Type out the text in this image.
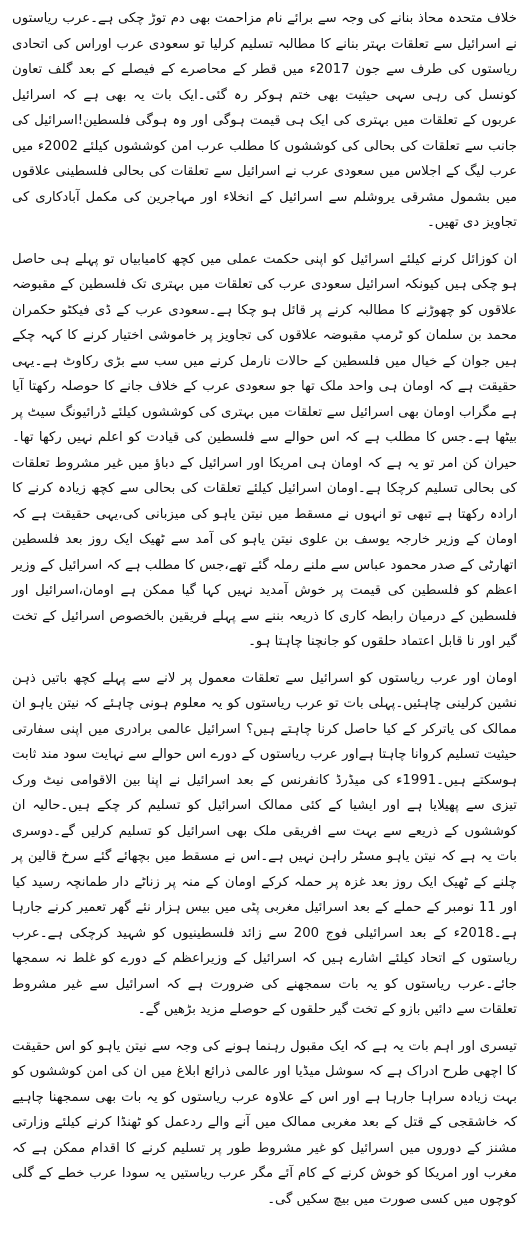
خلاف متحدہ محاذ بنانے کی وجہ سے برائے نام مزاحمت بھی دم توڑ چکی ہے۔عرب ریاستوں نے اسرائیل سے تعلقات بہتر بنانے کا مطالبہ تسلیم کرلیا تو سعودی عرب اوراس کی اتحادی ریاستوں کی طرف سے جون 2017ء میں قطر کے محاصرے کے فیصلے کے بعد گلف تعاون کونسل کی رہی سہی حیثیت بھی ختم ہوکر رہ گئی۔ایک بات یہ بھی ہے کہ اسرائیل عربوں کے تعلقات میں بہتری کی ایک ہی قیمت ہوگی اور وہ ہوگی فلسطین!اسرائیل کی جانب سے تعلقات کی بحالی کی کوششوں کا مطلب عرب امن کوششوں کیلئے 2002ء میں عرب لیگ کے اجلاس میں سعودی عرب نے اسرائیل سے تعلقات کی بحالی فلسطینی علاقوں میں بشمول مشرقی یروشلم سے اسرائیل کے انخلاء اور مہاجرین کی مکمل آبادکاری کی تجاویز دی تھیں۔

ان کوزائل کرنے کیلئے اسرائیل کو اپنی حکمت عملی میں کچھ کامیابیاں تو پہلے ہی حاصل ہو چکی ہیں کیونکہ اسرائیل سعودی عرب کی تعلقات میں بہتری تک فلسطین کے مقبوضہ علاقوں کو چھوڑنے کا مطالبہ کرنے پر قائل ہو چکا ہے۔سعودی عرب کے ڈی فیکٹو حکمران محمد بن سلمان کو ٹرمپ مقبوضہ علاقوں کی تجاویز پر خاموشی اختیار کرنے کا کہہ چکے ہیں جوان کے خیال میں فلسطین کے حالات نارمل کرنے میں سب سے بڑی رکاوٹ ہے۔یہی حقیقت ہے کہ اومان ہی واحد ملک تھا جو سعودی عرب کے خلاف جانے کا حوصلہ رکھتا آیا ہے مگراب اومان بھی اسرائیل سے تعلقات میں بہتری کی کوششوں کیلئے ڈرائیونگ سیٹ پر بیٹھا ہے۔جس کا مطلب ہے کہ اس حوالے سے فلسطین کی قیادت کو اعلم نہیں رکھا تھا۔حیران کن امر تو یہ ہے کہ اومان ہی امریکا اور اسرائیل کے دباؤ میں غیر مشروط تعلقات کی بحالی تسلیم کرچکا ہے۔اومان اسرائیل کیلئے تعلقات کی بحالی سے کچھ زیادہ کرنے کا ارادہ رکھتا ہے تبھی تو انہوں نے مسقط میں نیتن یاہو کی میزبانی کی،یہی حقیقت ہے کہ اومان کے وزیر خارجہ یوسف بن علوی نیتن یاہو کی آمد سے ٹھیک ایک روز بعد فلسطین اتھارٹی کے صدر محمود عباس سے ملنے رملہ گئے تھے،جس کا مطلب ہے کہ اسرائیل کے وزیر اعظم کو فلسطین کی قیمت پر خوش آمدید نہیں کہا گیا ممکن ہے اومان،اسرائیل اور فلسطین کے درمیان رابطہ کاری کا ذریعہ بننے سے پہلے فریقین بالخصوص اسرائیل کے تخت گیر اور نا قابل اعتماد حلقوں کو جانچنا چاہتا ہو۔

اومان اور عرب ریاستوں کو اسرائیل سے تعلقات معمول پر لانے سے پہلے کچھ باتیں ذہن نشین کرلینی چاہئیں۔پہلی بات تو عرب ریاستوں کو یہ معلوم ہونی چاہئے کہ نیتن یاہو ان ممالک کی یاترکر کے کیا حاصل کرنا چاہتے ہیں؟ اسرائیل عالمی برادری میں اپنی سفارتی حیثیت تسلیم کروانا چاہتا ہےاور عرب ریاستوں کے دورے اس حوالے سے نہایت سود مند ثابت ہوسکتے ہیں۔1991ء کی میڈرڈ کانفرنس کے بعد اسرائیل نے اپنا بین الاقوامی نیٹ ورک تیزی سے پھیلایا ہے اور ایشیا کے کئی ممالک اسرائیل کو تسلیم کر چکے ہیں۔حالیہ ان کوششوں کے ذریعے سے بہت سے افریقی ملک بھی اسرائیل کو تسلیم کرلیں گے۔دوسری بات یہ ہے کہ نیتن یاہو مسٹر راہن نہیں ہے۔اس نے مسقط میں بچھائے گئے سرخ قالین پر چلنے کے ٹھیک ایک روز بعد غزہ پر حملہ کرکے اومان کے منہ پر زناٹے دار طمانچہ رسید کیا اور 11 نومبر کے حملے کے بعد اسرائیل مغربی پٹی میں بیس ہزار نئے گھر تعمیر کرنے جارہا ہے۔2018ء کے بعد اسرائیلی فوج 200 سے زائد فلسطینیوں کو شہید کرچکی ہے۔عرب ریاستوں کے اتحاد کیلئے اشارے ہیں کہ اسرائیل کے وزیراعظم کے دورے کو غلط نہ سمجھا جائے۔عرب ریاستوں کو یہ بات سمجھنے کی ضرورت ہے کہ اسرائیل سے غیر مشروط تعلقات سے دائیں بازو کے تخت گیر حلقوں کے حوصلے مزید بڑھیں گے۔

تیسری اور اہم بات یہ ہے کہ ایک مقبول رہنما ہونے کی وجہ سے نیتن یاہو کو اس حقیقت کا اچھی طرح ادراک ہے کہ سوشل میڈیا اور عالمی ذرائع ابلاغ میں ان کی امن کوششوں کو بہت زیادہ سراہا جارہا ہے اور اس کے علاوہ عرب ریاستوں کو یہ بات بھی سمجھنا چاہیے کہ خاشقجی کے قتل کے بعد مغربی ممالک میں آنے والے ردعمل کو ٹھنڈا کرنے کیلئے وزارتی مشنز کے دوروں میں اسرائیل کو غیر مشروط طور پر تسلیم کرنے کا اقدام ممکن ہے کہ مغرب اور امریکا کو خوش کرنے کے کام آئے مگر عرب ریاستیں یہ سودا عرب خطے کے گلی کوچوں میں کسی صورت میں بیچ سکیں گی۔
